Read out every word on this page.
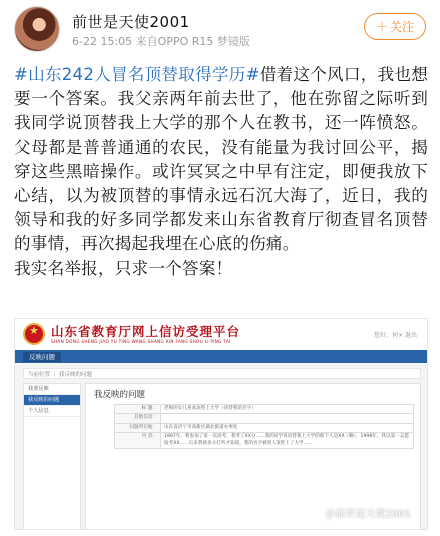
前世是天使2001
6-22 15:05 来自OPPO R15 梦镜版
＋ 关注

#山东242人冒名顶替取得学历#借着这个风口，我也想要一个答案。我父亲两年前去世了，他在弥留之际听到我同学说顶替我上大学的那个人在教书，还一阵愤怒。父母都是普普通通的农民，没有能量为我讨回公平，揭穿这些黑暗操作。或许冥冥之中早有注定，即便我放下心结，以为被顶替的事情永远石沉大海了，近日，我的领导和我的好多同学都发来山东省教育厅彻查冒名顶替的事情，再次揭起我埋在心底的伤痛。

我实名举报，只求一个答案！

★
山东省教育厅网上信访受理平台
SHAN DONG SHENG JIAO YU TING WANG SHANG XIN FANG SHOU LI PING TAI
您好，何× 退出
反映问题
当前位置 ｜ 我反映的问题
我要反映
我反映的问题
个人信息
我反映的问题
标 题：	老师的女儿喜欢顶替上大学（顶替我的名字）
其他信息：	
问题所在地：	山东省济宁市高新区湖北街道办事处
内 容：	1997年，我参加了第一次高考，我考了XX分……我的同学说顶替我上大学的那个人是XX（略），1998年，我以第一志愿报考XX……后来我被多方打听才知道，我的名字被别人顶替上了大学……
＠前世是天使2001
